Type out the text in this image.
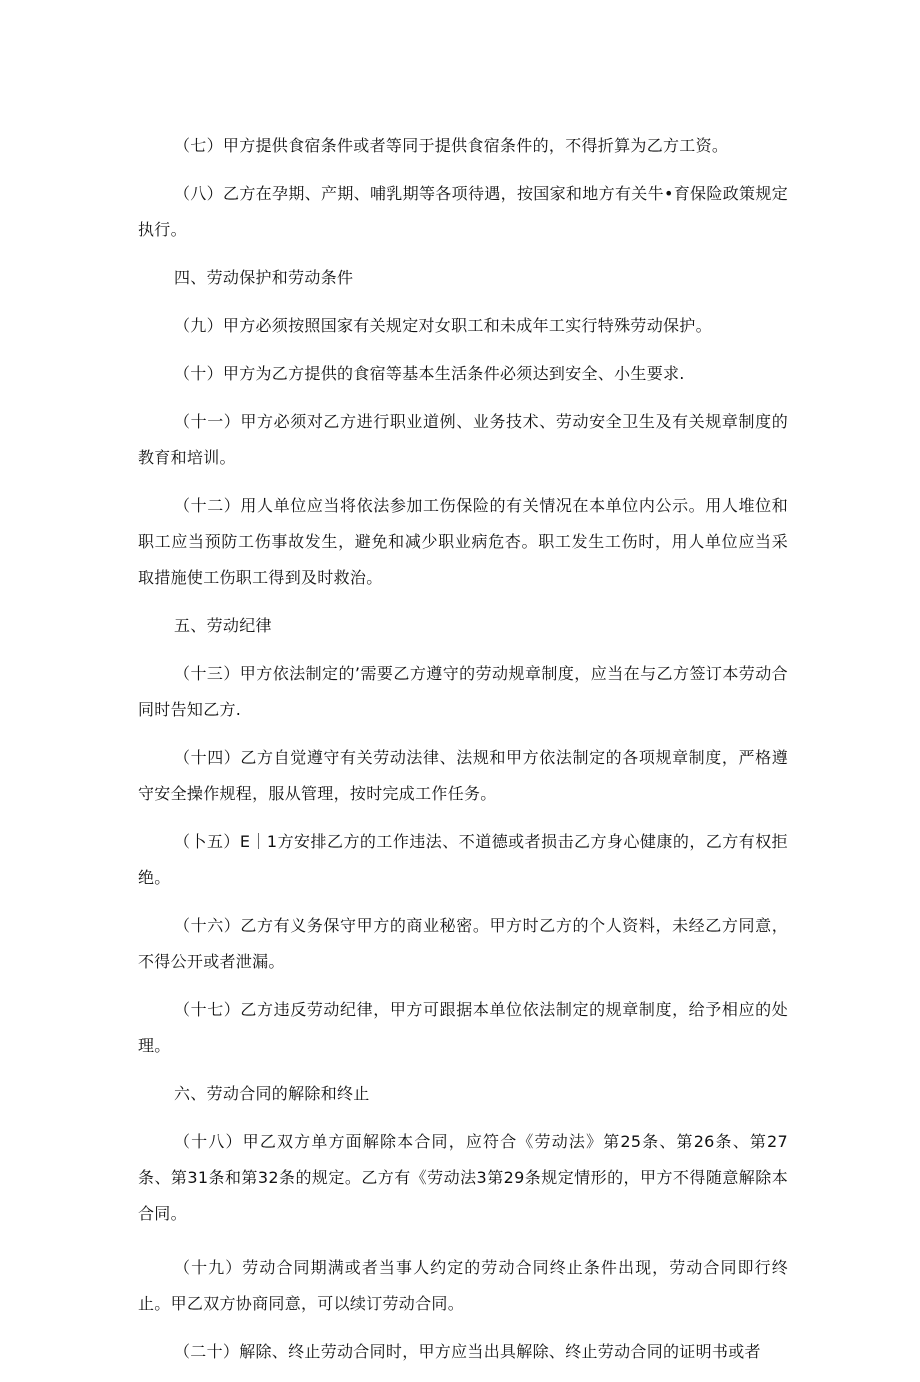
（七）甲方提供食宿条件或者等同于提供食宿条件的，不得折算为乙方工资。

（八）乙方在孕期、产期、哺乳期等各项待遇，按国家和地方有关牛•育保险政策规定执行。

四、劳动保护和劳动条件

（九）甲方必须按照国家有关规定对女职工和未成年工实行特殊劳动保护。

（十）甲方为乙方提供的食宿等基本生活条件必须达到安全、小生要求.

（十一）甲方必须对乙方进行职业道例、业务技术、劳动安全卫生及有关规章制度的教育和培训。

（十二）用人单位应当将依法参加工伤保险的有关情况在本单位内公示。用人堆位和职工应当预防工伤事故发生，避免和减少职业病危杏。职工发生工伤时，用人单位应当采取措施使工伤职工得到及时救治。

五、劳动纪律

（十三）甲方依法制定的’需要乙方遵守的劳动规章制度，应当在与乙方签订本劳动合同时告知乙方.

（十四）乙方自觉遵守有关劳动法律、法规和甲方依法制定的各项规章制度，严格遵守安全操作规程，服从管理，按时完成工作任务。

（卜五）E｜1方安排乙方的工作违法、不道德或者损击乙方身心健康的，乙方有权拒绝。

（十六）乙方有义务保守甲方的商业秘密。甲方时乙方的个人资料，未经乙方同意，不得公开或者泄漏。

（十七）乙方违反劳动纪律，甲方可跟据本单位依法制定的规章制度，给予相应的处理。

六、劳动合同的解除和终止

（十八）甲乙双方单方面解除本合同，应符合《劳动法》第25条、第26条、第27条、第31条和第32条的规定。乙方有《劳动法3第29条规定情形的，甲方不得随意解除本合同。

（十九）劳动合同期满或者当事人约定的劳动合同终止条件出现，劳动合同即行终止。甲乙双方协商同意，可以续订劳动合同。

（二十）解除、终止劳动合同时，甲方应当出具解除、终止劳动合同的证明书或者
